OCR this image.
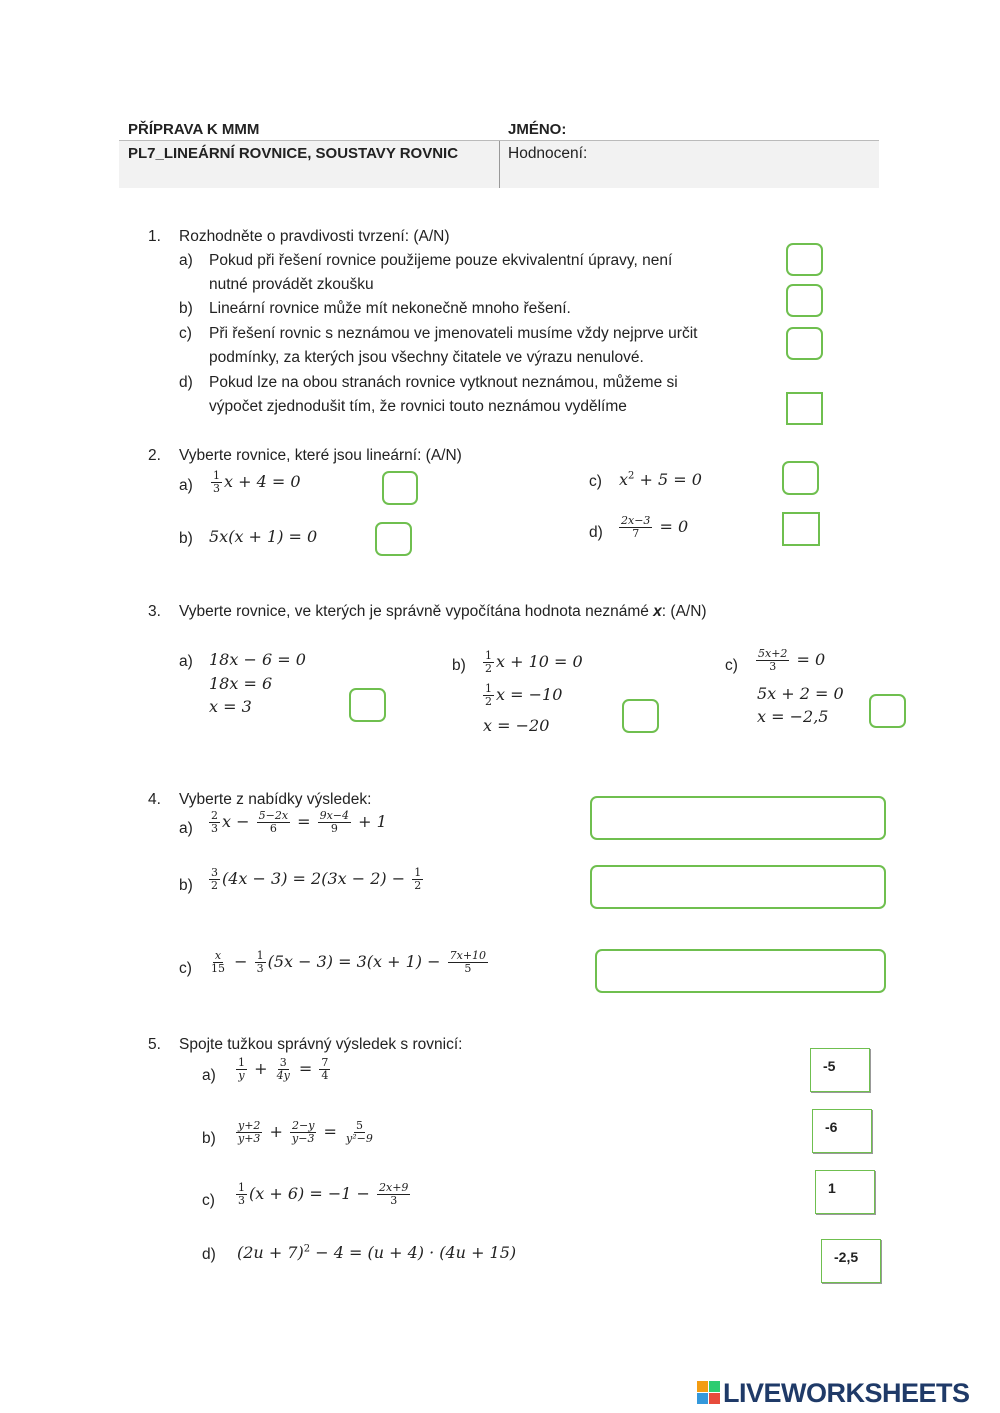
PŘÍPRAVA K MMM	JMÉNO:
PL7_LINEÁRNÍ ROVNICE, SOUSTAVY ROVNIC	Hodnocení:
1. Rozhodněte o pravdivosti tvrzení: (A/N)
a) Pokud při řešení rovnice použijeme pouze ekvivalentní úpravy, není
nutné provádět zkoušku
b) Lineární rovnice může mít nekonečně mnoho řešení.
c) Při řešení rovnic s neznámou ve jmenovateli musíme vždy nejprve určit
podmínky, za kterých jsou všechny čitatele ve výrazu nenulové.
d) Pokud lze na obou stranách rovnice vytknout neznámou, můžeme si
výpočet zjednodušit tím, že rovnici touto neznámou vydělíme
2. Vyberte rovnice, které jsou lineární: (A/N)
$a) \frac{1}{3}$ x + 4 = 0
b) 5x(x + 1) = 0
c) $x^2 + 5 = 0$
$d) \frac{2x-3}{7} = 0$
3. Vyberte rovnice, ve kterých je správně vypočítána hodnota neznámé x: (A/N)
a) 18x − 6 = 0
18x = 6
x = 3
$b) \frac{1}{2}$ x + 10 = 0
$\frac{1}{2}$ x = −10
x = −20
$c) \frac{5x+2}{3} = 0$
5x + 2 = 0
x = −2,5
4. Vyberte z nabídky výsledek:
$a) \frac{2}{3}$ $x - \frac{5-2x}{6} = \frac{9x-4}{9} + 1$
$b) \frac{3}{2} (4x - 3) = 2(3x - 2) - \frac{1}{2}$
$c) \frac{x}{15} - \frac{1}{3} (5x - 3) = 3(x + 1) - \frac{7x+10}{5}$
5. Spojte tužkou správný výsledek s rovnicí:
$a) \frac{1}{y} + \frac{3}{4y} = \frac{7}{4}$
$b) \frac{y+2}{y+3} + \frac{2-y}{y-3} = \frac{5}{\text{y²−9}}$
$c) \frac{1}{3} (x + 6) = -1 - \frac{2x+9}{3}$
d) $(2u + 7)^2 - 4 = (u + 4) \cdot (4u + 15)$
-5
-6
1
-2,5
LIVEWORKSHEETS
